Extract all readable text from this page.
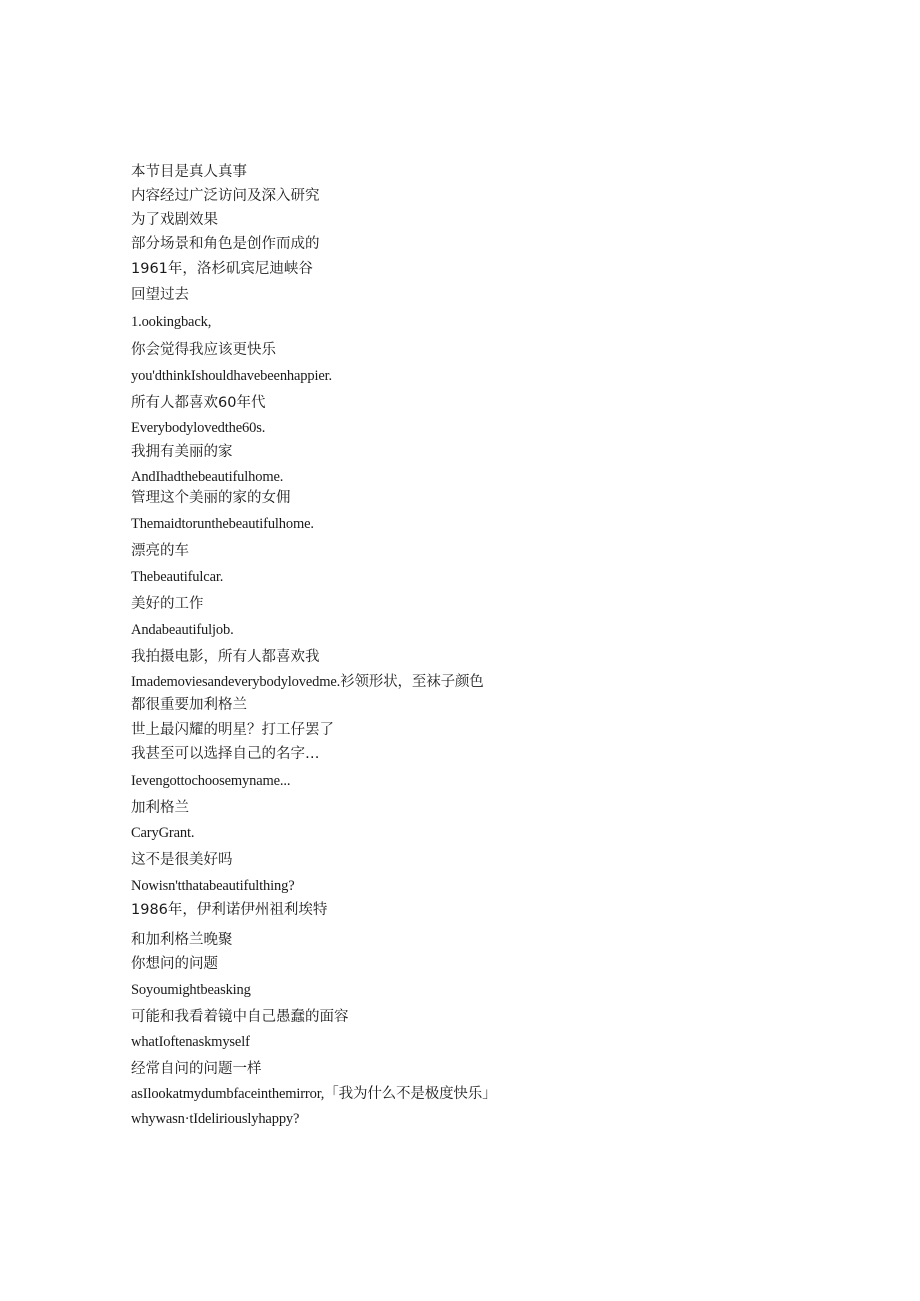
本节目是真人真事
内容经过广泛访问及深入研究
为了戏剧效果
部分场景和角色是创作而成的
1961年，洛杉矶宾尼迪峡谷
回望过去
1.ookingback,
你会觉得我应该更快乐
you'dthinkIshouldhavebeenhappier.
所有人都喜欢60年代
Everybodylovedthe60s.
我拥有美丽的家
AndIhadthebeautifulhome.
管理这个美丽的家的女佣
Themaidtorunthebeautifulhome.
漂亮的车
Thebeautifulcar.
美好的工作
Andabeautifuljob.
我拍摄电影，所有人都喜欢我
Imademoviesandeverybodylovedme.衫领形状，至袜子颜色
都很重要加利格兰
世上最闪耀的明星？打工仔罢了
我甚至可以选择自己的名字…
Ievengottochoosemyname...
加利格兰
CaryGrant.
这不是很美好吗
Nowisn'tthatabeautifulthing?
1986年，伊利诺伊州祖利埃特
和加利格兰晚聚
你想问的问题
Soyoumightbeasking
可能和我看着镜中自己愚蠢的面容
whatIoftenaskmyself
经常自问的问题一样
asIlookatmydumbfaceinthemirror,「我为什么不是极度快乐」
whywasn·tIdeliriouslyhappy?
